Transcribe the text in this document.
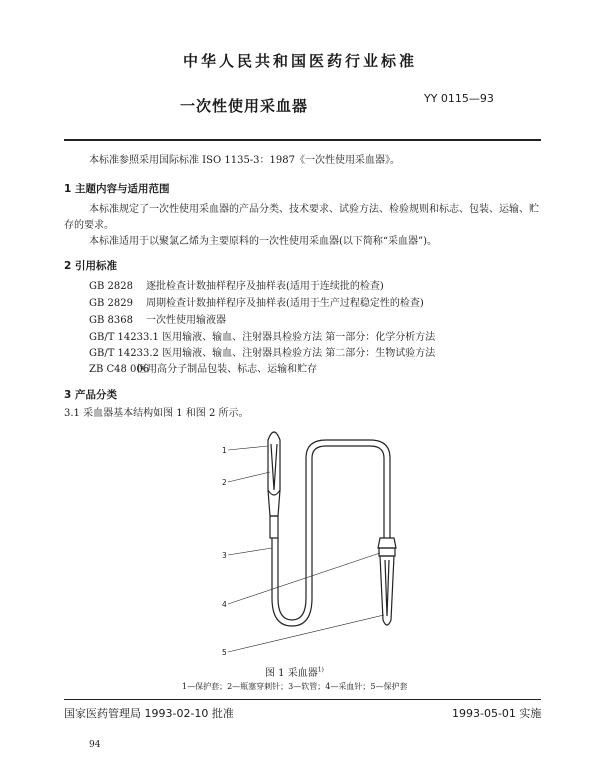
中华人民共和国医药行业标准
一次性使用采血器	YY 0115—93
本标准参照采用国际标准 ISO 1135-3：1987《一次性使用采血器》。
1 主题内容与适用范围
本标准规定了一次性使用采血器的产品分类、技术要求、试验方法、检验规则和标志、包装、运输、贮
存的要求。
本标准适用于以聚氯乙烯为主要原料的一次性使用采血器(以下简称“采血器”)。
2 引用标准
GB 2828 逐批检查计数抽样程序及抽样表(适用于连续批的检查)
GB 2829 周期检查计数抽样程序及抽样表(适用于生产过程稳定性的检查)
GB 8368 一次性使用输液器
GB/T 14233.1 医用输液、输血、注射器具检验方法 第一部分：化学分析方法
GB/T 14233.2 医用输液、输血、注射器具检验方法 第二部分：生物试验方法
ZB C48 006 医用高分子制品包装、标志、运输和贮存
3 产品分类
3.1 采血器基本结构如图 1 和图 2 所示。
1
2
3
4
5
图 1 采血器$^{1)}$
1—保护套；2—瓶塞穿刺针；3—软管；4—采血针；5—保护套
国家医药管理局 1993-02-10 批准	1993-05-01 实施
94
